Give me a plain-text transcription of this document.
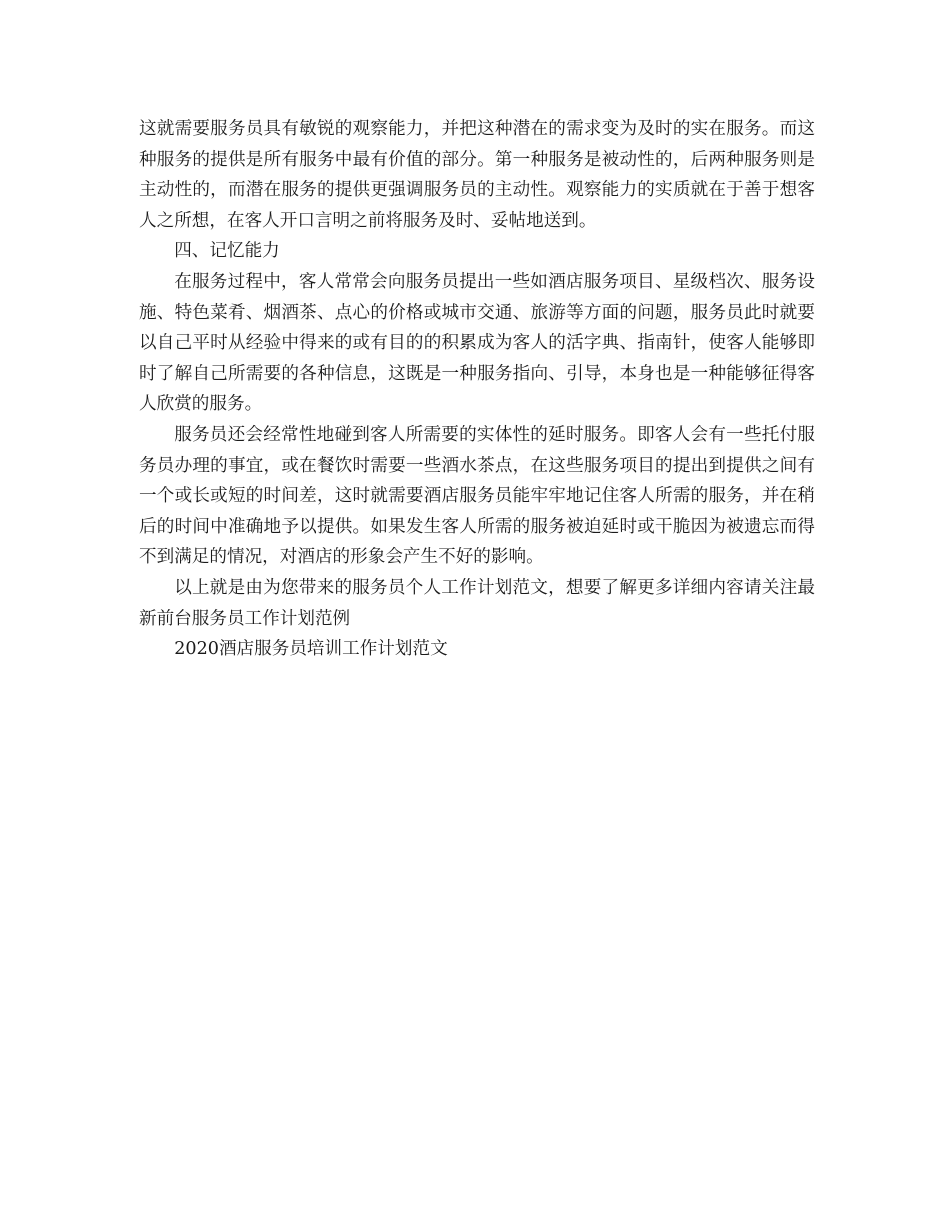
这就需要服务员具有敏锐的观察能力，并把这种潜在的需求变为及时的实在服务。而这种服务的提供是所有服务中最有价值的部分。第一种服务是被动性的，后两种服务则是主动性的，而潜在服务的提供更强调服务员的主动性。观察能力的实质就在于善于想客人之所想，在客人开口言明之前将服务及时、妥帖地送到。

四、记忆能力

在服务过程中，客人常常会向服务员提出一些如酒店服务项目、星级档次、服务设施、特色菜肴、烟酒茶、点心的价格或城市交通、旅游等方面的问题，服务员此时就要以自己平时从经验中得来的或有目的的积累成为客人的活字典、指南针，使客人能够即时了解自己所需要的各种信息，这既是一种服务指向、引导，本身也是一种能够征得客人欣赏的服务。

服务员还会经常性地碰到客人所需要的实体性的延时服务。即客人会有一些托付服务员办理的事宜，或在餐饮时需要一些酒水茶点，在这些服务项目的提出到提供之间有一个或长或短的时间差，这时就需要酒店服务员能牢牢地记住客人所需的服务，并在稍后的时间中准确地予以提供。如果发生客人所需的服务被迫延时或干脆因为被遗忘而得不到满足的情况，对酒店的形象会产生不好的影响。

以上就是由为您带来的服务员个人工作计划范文，想要了解更多详细内容请关注最新前台服务员工作计划范例

2020酒店服务员培训工作计划范文
